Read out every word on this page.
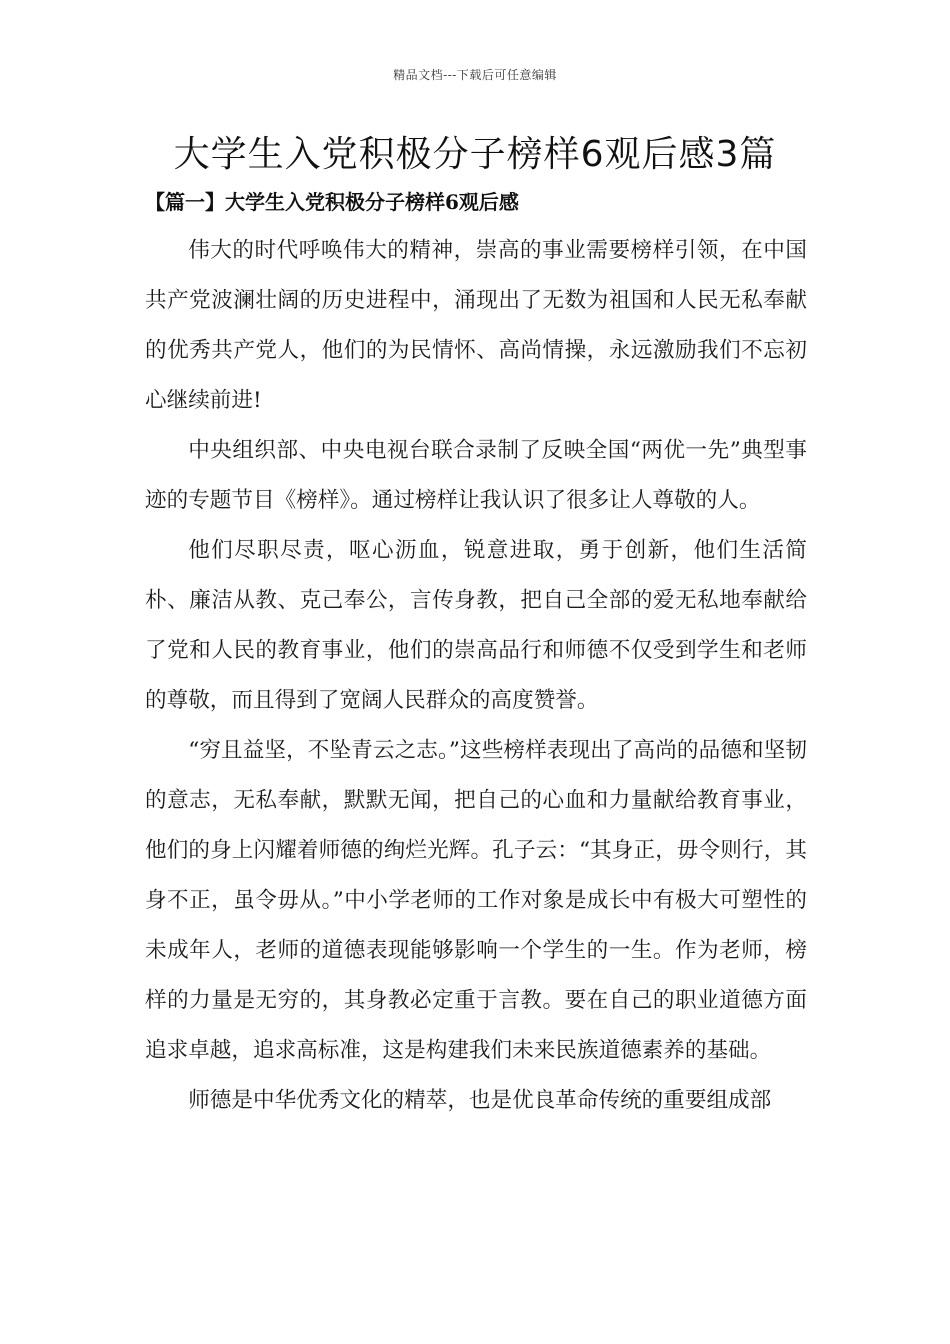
精品文档---下载后可任意编辑
大学生入党积极分子榜样6观后感3篇
【篇一】大学生入党积极分子榜样6观后感

伟大的时代呼唤伟大的精神，崇高的事业需要榜样引领，在中国共产党波澜壮阔的历史进程中，涌现出了无数为祖国和人民无私奉献的优秀共产党人，他们的为民情怀、高尚情操，永远激励我们不忘初心继续前进!

中央组织部、中央电视台联合录制了反映全国“两优一先”典型事迹的专题节目《榜样》。通过榜样让我认识了很多让人尊敬的人。

他们尽职尽责，呕心沥血，锐意进取，勇于创新，他们生活简朴、廉洁从教、克己奉公，言传身教，把自己全部的爱无私地奉献给了党和人民的教育事业，他们的崇高品行和师德不仅受到学生和老师的尊敬，而且得到了宽阔人民群众的高度赞誉。

“穷且益坚，不坠青云之志。”这些榜样表现出了高尚的品德和坚韧的意志，无私奉献，默默无闻，把自己的心血和力量献给教育事业，他们的身上闪耀着师德的绚烂光辉。孔子云：“其身正，毋令则行，其身不正，虽令毋从。”中小学老师的工作对象是成长中有极大可塑性的未成年人，老师的道德表现能够影响一个学生的一生。作为老师，榜样的力量是无穷的，其身教必定重于言教。要在自己的职业道德方面追求卓越，追求高标准，这是构建我们未来民族道德素养的基础。

师德是中华优秀文化的精萃，也是优良革命传统的重要组成部
